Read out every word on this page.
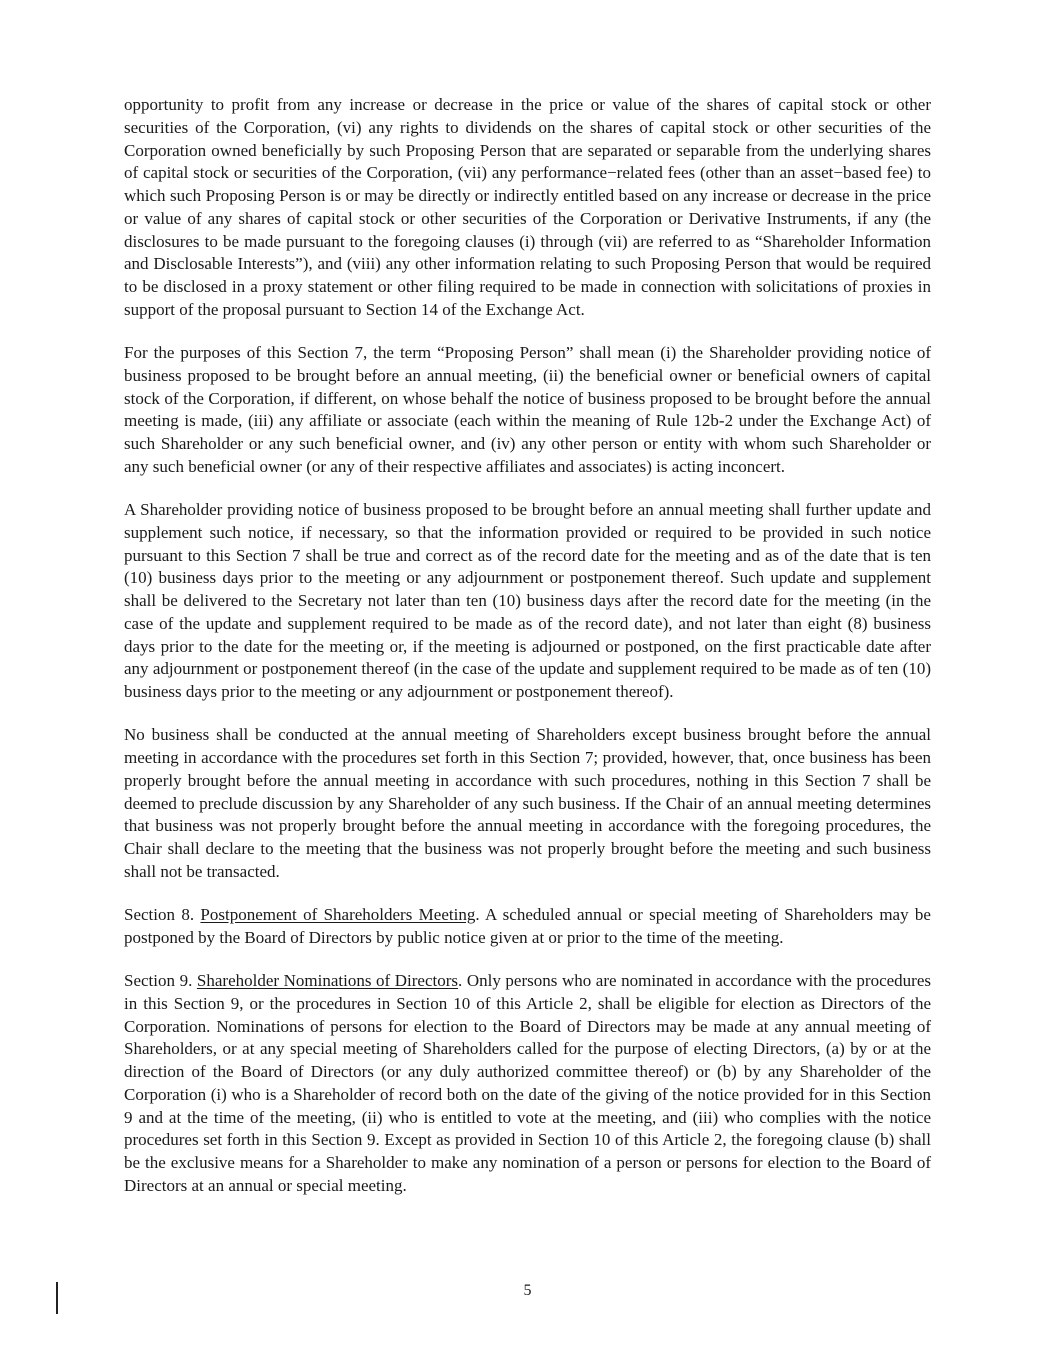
opportunity to profit from any increase or decrease in the price or value of the shares of capital stock or other securities of the Corporation, (vi) any rights to dividends on the shares of capital stock or other securities of the Corporation owned beneficially by such Proposing Person that are separated or separable from the underlying shares of capital stock or securities of the Corporation, (vii) any performance−related fees (other than an asset−based fee) to which such Proposing Person is or may be directly or indirectly entitled based on any increase or decrease in the price or value of any shares of capital stock or other securities of the Corporation or Derivative Instruments, if any (the disclosures to be made pursuant to the foregoing clauses (i) through (vii) are referred to as “Shareholder Information and Disclosable Interests”), and (viii) any other information relating to such Proposing Person that would be required to be disclosed in a proxy statement or other filing required to be made in connection with solicitations of proxies in support of the proposal pursuant to Section 14 of the Exchange Act.

For the purposes of this Section 7, the term “Proposing Person” shall mean (i) the Shareholder providing notice of business proposed to be brought before an annual meeting, (ii) the beneficial owner or beneficial owners of capital stock of the Corporation, if different, on whose behalf the notice of business proposed to be brought before the annual meeting is made, (iii) any affiliate or associate (each within the meaning of Rule 12b-2 under the Exchange Act) of such Shareholder or any such beneficial owner, and (iv) any other person or entity with whom such Shareholder or any such beneficial owner (or any of their respective affiliates and associates) is acting inconcert.

A Shareholder providing notice of business proposed to be brought before an annual meeting shall further update and supplement such notice, if necessary, so that the information provided or required to be provided in such notice pursuant to this Section 7 shall be true and correct as of the record date for the meeting and as of the date that is ten (10) business days prior to the meeting or any adjournment or postponement thereof. Such update and supplement shall be delivered to the Secretary not later than ten (10) business days after the record date for the meeting (in the case of the update and supplement required to be made as of the record date), and not later than eight (8) business days prior to the date for the meeting or, if the meeting is adjourned or postponed, on the first practicable date after any adjournment or postponement thereof (in the case of the update and supplement required to be made as of ten (10) business days prior to the meeting or any adjournment or postponement thereof).

No business shall be conducted at the annual meeting of Shareholders except business brought before the annual meeting in accordance with the procedures set forth in this Section 7; provided, however, that, once business has been properly brought before the annual meeting in accordance with such procedures, nothing in this Section 7 shall be deemed to preclude discussion by any Shareholder of any such business. If the Chair of an annual meeting determines that business was not properly brought before the annual meeting in accordance with the foregoing procedures, the Chair shall declare to the meeting that the business was not properly brought before the meeting and such business shall not be transacted.

Section 8. Postponement of Shareholders Meeting. A scheduled annual or special meeting of Shareholders may be postponed by the Board of Directors by public notice given at or prior to the time of the meeting.

Section 9. Shareholder Nominations of Directors. Only persons who are nominated in accordance with the procedures in this Section 9, or the procedures in Section 10 of this Article 2, shall be eligible for election as Directors of the Corporation. Nominations of persons for election to the Board of Directors may be made at any annual meeting of Shareholders, or at any special meeting of Shareholders called for the purpose of electing Directors, (a) by or at the direction of the Board of Directors (or any duly authorized committee thereof) or (b) by any Shareholder of the Corporation (i) who is a Shareholder of record both on the date of the giving of the notice provided for in this Section 9 and at the time of the meeting, (ii) who is entitled to vote at the meeting, and (iii) who complies with the notice procedures set forth in this Section 9. Except as provided in Section 10 of this Article 2, the foregoing clause (b) shall be the exclusive means for a Shareholder to make any nomination of a person or persons for election to the Board of Directors at an annual or special meeting.

5
